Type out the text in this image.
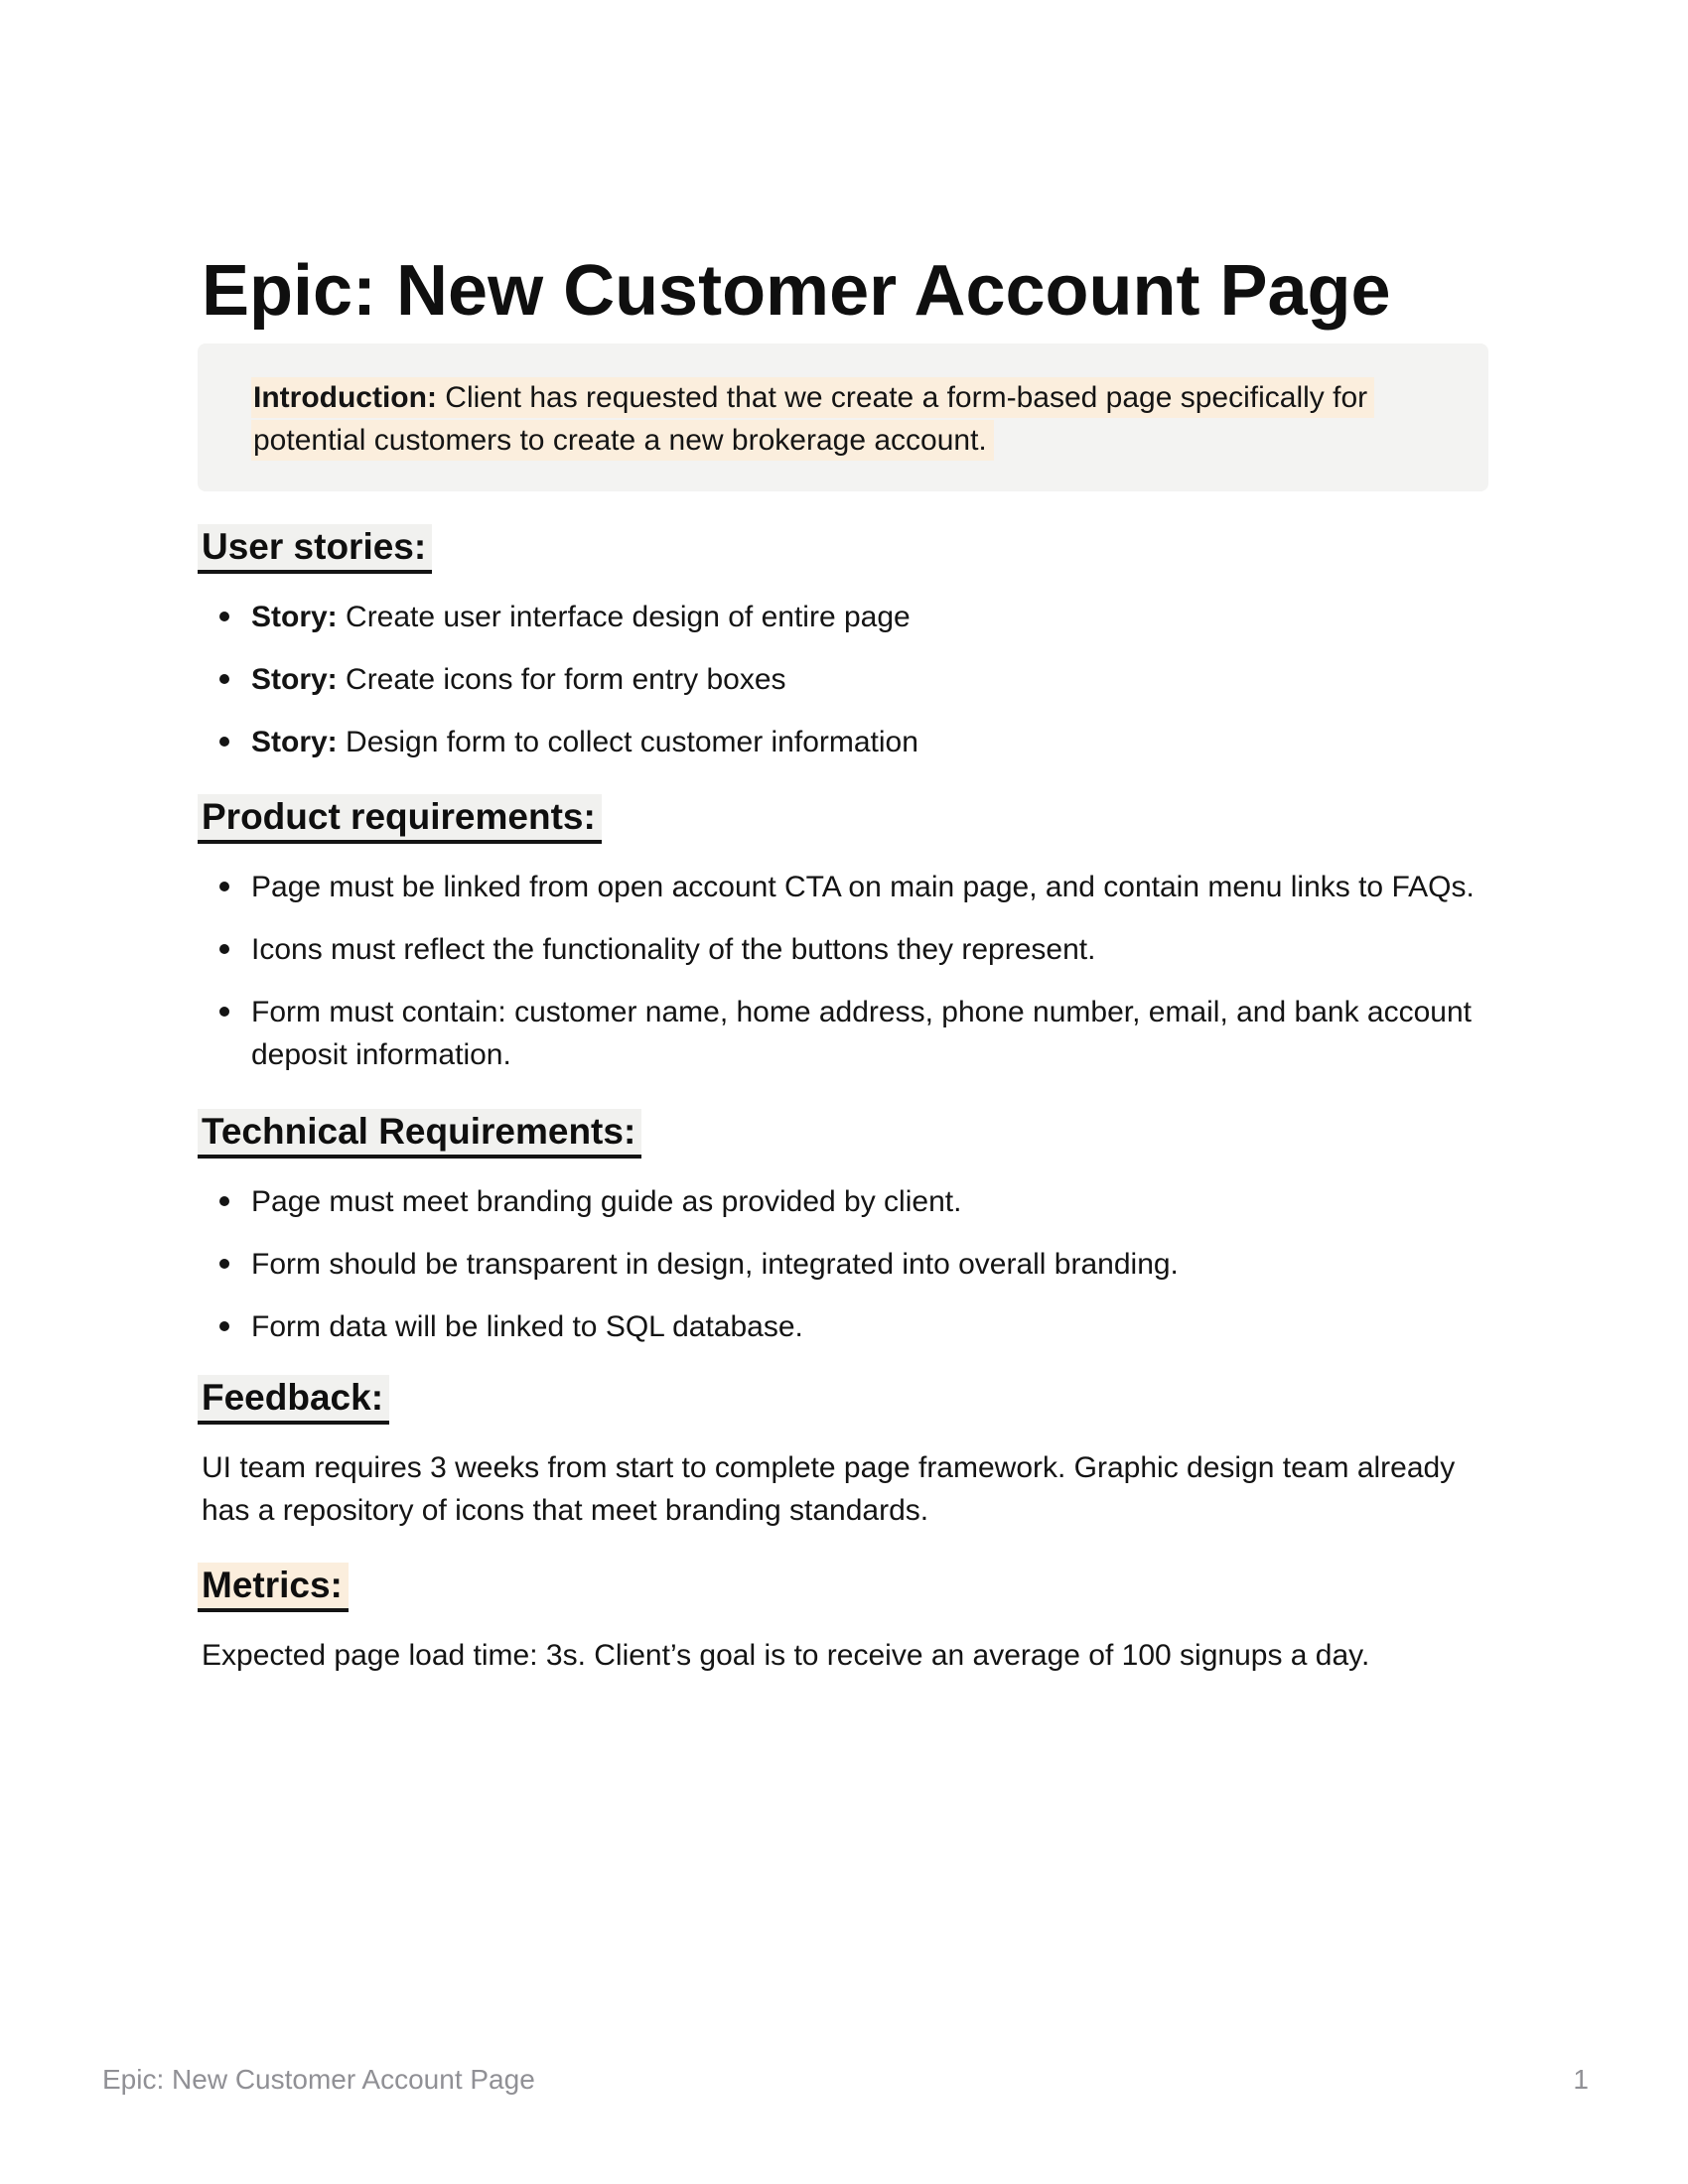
Epic: New Customer Account Page
Introduction: Client has requested that we create a form-based page specifically for potential customers to create a new brokerage account.
User stories:
Story: Create user interface design of entire page
Story: Create icons for form entry boxes
Story: Design form to collect customer information
Product requirements:
Page must be linked from open account CTA on main page, and contain menu links to FAQs.
Icons must reflect the functionality of the buttons they represent.
Form must contain: customer name, home address, phone number, email, and bank account deposit information.
Technical Requirements:
Page must meet branding guide as provided by client.
Form should be transparent in design, integrated into overall branding.
Form data will be linked to SQL database.
Feedback:

UI team requires 3 weeks from start to complete page framework. Graphic design team already has a repository of icons that meet branding standards.

Metrics:

Expected page load time: 3s. Client’s goal is to receive an average of 100 signups a day.

Epic: New Customer Account Page	1
